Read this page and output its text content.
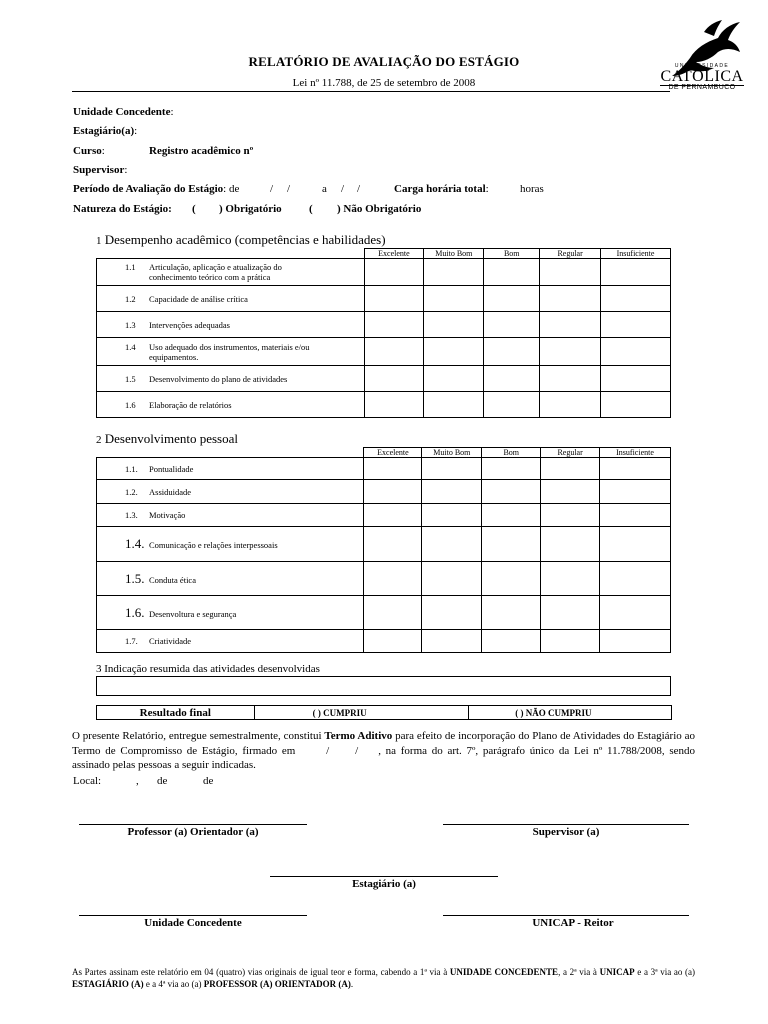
RELATÓRIO DE AVALIAÇÃO DO ESTÁGIO
Lei nº 11.788, de 25 de setembro de 2008
UNIVERSIDADE
CATÓLICA
DE PERNAMBUCO
Unidade Concedente:
Estagiário(a):
Curso:	Registro acadêmico nº
Supervisor:
Período de Avaliação do Estágio: de	/ /	a / /	Carga horária total:	horas
Natureza do Estágio: ( ) Obrigatório ( ) Não Obrigatório
1 Desempenho acadêmico (competências e habilidades)
	Excelente	Muito Bom	Bom	Regular	Insuficiente

1.1 Articulação, aplicação e atualização do
conhecimento teórico com a prática					

1.2 Capacidade de análise crítica					

1.3 Intervenções adequadas					

1.4 Uso adequado dos instrumentos, materiais e/ou
equipamentos.					

1.5 Desenvolvimento do plano de atividades					

1.6 Elaboração de relatórios					

2 Desenvolvimento pessoal
	Excelente	Muito Bom	Bom	Regular	Insuficiente

1.1. Pontualidade					

1.2. Assiduidade					

1.3. Motivação					

1.4. Comunicação e relações interpessoais					

1.5. Conduta ética					

1.6. Desenvoltura e segurança					

1.7. Criatividade					

3 Indicação resumida das atividades desenvolvidas
Resultado final	( ) CUMPRIU	( ) NÃO CUMPRIU
O presente Relatório, entregue semestralmente, constitui Termo Aditivo para efeito de incorporação do Plano de Atividades do Estagiário ao Termo de Compromisso de Estágio, firmado em	/ / , na forma do art. 7º, parágrafo único da Lei nº 11.788/2008, sendo assinado pelas pessoas a seguir indicadas.
Local:	, de	de
Professor (a) Orientador (a)	Supervisor (a)
Estagiário (a)
Unidade Concedente	UNICAP - Reitor
As Partes assinam este relatório em 04 (quatro) vias originais de igual teor e forma, cabendo a 1ª via à UNIDADE CONCEDENTE, a 2ª via à UNICAP e a 3ª via ao (a) ESTAGIÁRIO (A) e a 4ª via ao (a) PROFESSOR (A) ORIENTADOR (A).
